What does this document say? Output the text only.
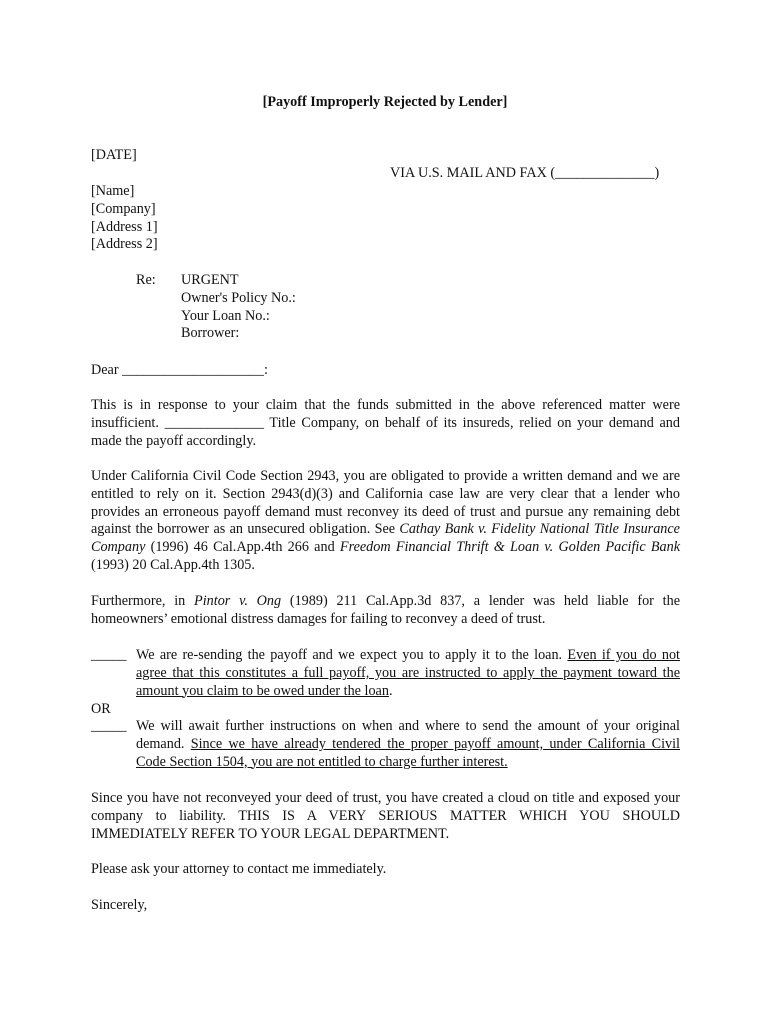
[Payoff Improperly Rejected by Lender]
[DATE]
VIA U.S. MAIL AND FAX (______________)
[Name]
[Company]
[Address 1]
[Address 2]
Re: URGENT
Owner's Policy No.:
Your Loan No.:
Borrower:
Dear ____________________:
This is in response to your claim that the funds submitted in the above referenced matter were insufficient. ______________ Title Company, on behalf of its insureds, relied on your demand and made the payoff accordingly.
Under California Civil Code Section 2943, you are obligated to provide a written demand and we are entitled to rely on it. Section 2943(d)(3) and California case law are very clear that a lender who provides an erroneous payoff demand must reconvey its deed of trust and pursue any remaining debt against the borrower as an unsecured obligation. See Cathay Bank v. Fidelity National Title Insurance Company (1996) 46 Cal.App.4th 266 and Freedom Financial Thrift & Loan v. Golden Pacific Bank (1993) 20 Cal.App.4th 1305.
Furthermore, in Pintor v. Ong (1989) 211 Cal.App.3d 837, a lender was held liable for the homeowners’ emotional distress damages for failing to reconvey a deed of trust.
_____ We are re-sending the payoff and we expect you to apply it to the loan. Even if you do not agree that this constitutes a full payoff, you are instructed to apply the payment toward the amount you claim to be owed under the loan.
OR
_____ We will await further instructions on when and where to send the amount of your original demand. Since we have already tendered the proper payoff amount, under California Civil Code Section 1504, you are not entitled to charge further interest.
Since you have not reconveyed your deed of trust, you have created a cloud on title and exposed your company to liability. THIS IS A VERY SERIOUS MATTER WHICH YOU SHOULD IMMEDIATELY REFER TO YOUR LEGAL DEPARTMENT.
Please ask your attorney to contact me immediately.
Sincerely,
